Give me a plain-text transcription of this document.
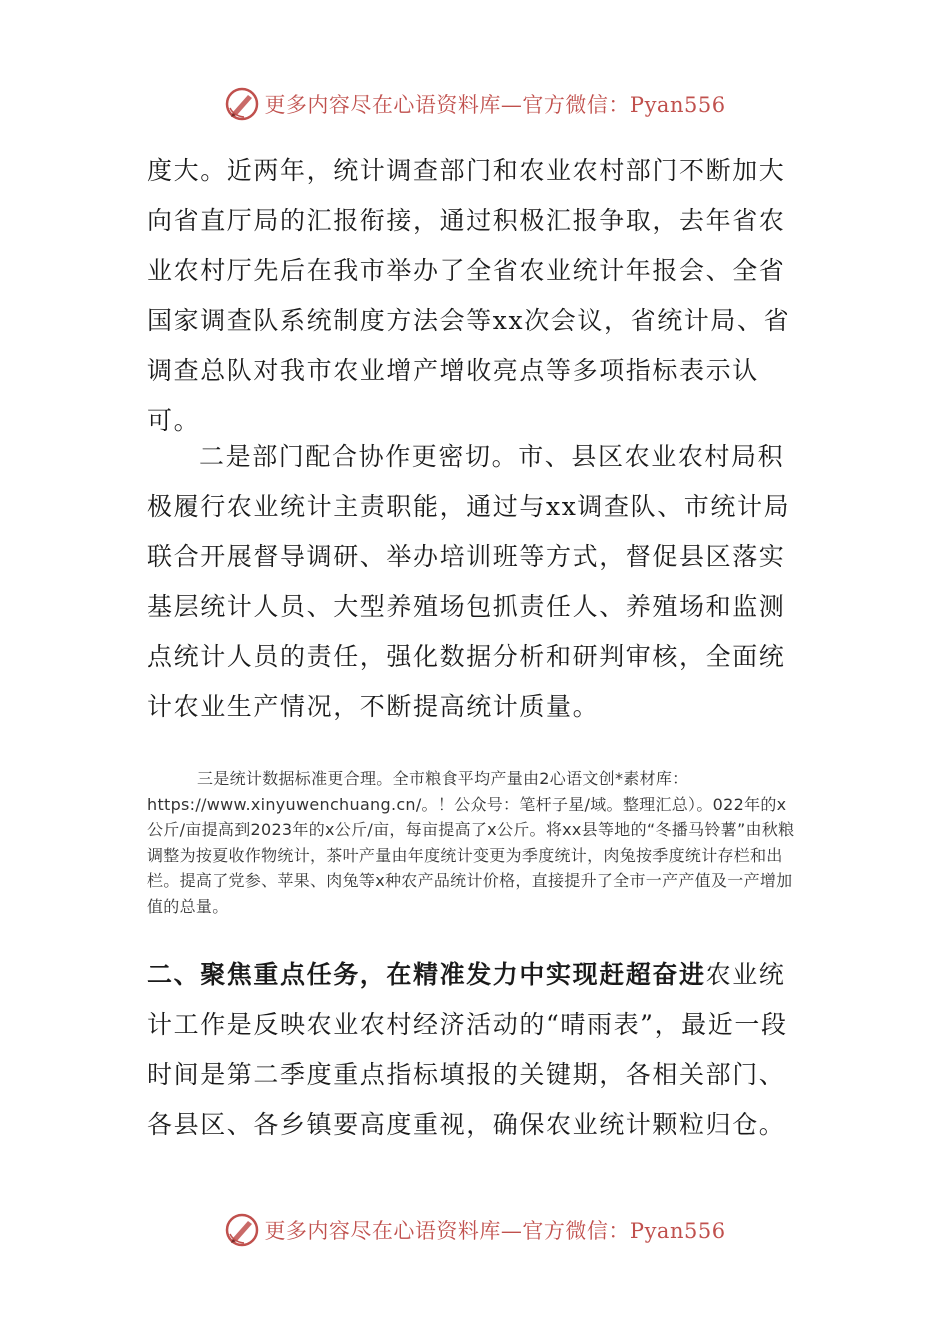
更多内容尽在心语资料库—官方微信：Pyan556

度大。近两年，统计调查部门和农业农村部门不断加大向省直厅局的汇报衔接，通过积极汇报争取，去年省农业农村厅先后在我市举办了全省农业统计年报会、全省国家调查队系统制度方法会等xx次会议，省统计局、省调查总队对我市农业增产增收亮点等多项指标表示认可。

二是部门配合协作更密切。市、县区农业农村局积极履行农业统计主责职能，通过与xx调查队、市统计局联合开展督导调研、举办培训班等方式，督促县区落实基层统计人员、大型养殖场包抓责任人、养殖场和监测点统计人员的责任，强化数据分析和研判审核，全面统计农业生产情况，不断提高统计质量。

三是统计数据标准更合理。全市粮食平均产量由2心语文创*素材库：https://www.xinyuwenchuang.cn/。！公众号：笔杆子星/域。整理汇总）。022年的x公斤/亩提高到2023年的x公斤/亩，每亩提高了x公斤。将xx县等地的“冬播马铃薯”由秋粮调整为按夏收作物统计，茶叶产量由年度统计变更为季度统计，肉兔按季度统计存栏和出栏。提高了党参、苹果、肉兔等x种农产品统计价格，直接提升了全市一产产值及一产增加值的总量。

二、聚焦重点任务，在精准发力中实现赶超奋进农业统计工作是反映农业农村经济活动的“晴雨表”，最近一段时间是第二季度重点指标填报的关键期，各相关部门、各县区、各乡镇要高度重视，确保农业统计颗粒归仓。

更多内容尽在心语资料库—官方微信：Pyan556
